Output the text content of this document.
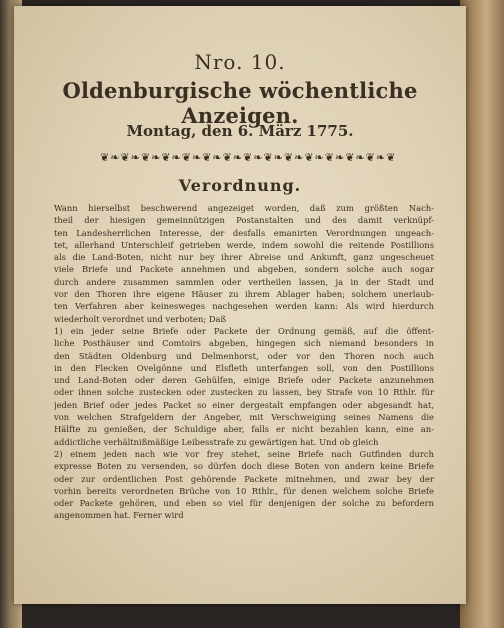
Nro. 10.
Oldenburgische wöchentliche Anzeigen.
Montag, den 6. März 1775.
❦❧❦❧❦❧❦❧❦❧❦❧❦❧❦❧❦❧❦❧❦❧❦❧❦❧❦❧❦
Verordnung.
Wann hierselbst beschwerend angezeiget worden, daß zum größten Nach-
theil der hiesigen gemeinnützigen Postanstalten und des damit verknüpf-
ten Landesherrlichen Interesse, der desfalls emanirten Verordnungen ungeach-
tet, allerhand Unterschleif getrieben werde, indem sowohl die reitende Postillions
als die Land-Boten, nicht nur bey ihrer Abreise und Ankunft, ganz ungescheuet
viele Briefe und Packete annehmen und abgeben, sondern solche auch sogar
durch andere zusammen sammlen oder vertheilen lassen, ja in der Stadt und
vor den Thoren ihre eigene Häuser zu ihrem Ablager haben; solchem unerlaub-
ten Verfahren aber keinesweges nachgesehen werden kann: Als wird hierdurch
wiederholt verordnet und verboten; Daß
1) ein jeder seine Briefe oder Packete der Ordnung gemäß, auf die öffent-
liche Posthäuser und Comtoirs abgeben, hingegen sich niemand besonders in
den Städten Oldenburg und Delmenhorst, oder vor den Thoren noch auch
in den Flecken Ovelgönne und Elsfleth unterfangen soll, von den Postillions
und Land-Boten oder deren Gehülfen, einige Briefe oder Packete anzunehmen
oder ihnen solche zustecken oder zustecken zu lassen, bey Strafe von 10 Rthlr. für
jeden Brief oder jedes Packet so einer dergestalt empfangen oder abgesandt hat,
von welchen Strafgeldern der Angeber, mit Verschweigung seines Namens die
Hälfte zu genießen, der Schuldige aber, falls er nicht bezahlen kann, eine an-
addictliche verhältnißmäßige Leibesstrafe zu gewärtigen hat. Und ob gleich
2) einem jeden nach wie vor frey stehet, seine Briefe nach Gutfinden durch
expresse Boten zu versenden, so dürfen doch diese Boten von andern keine Briefe
oder zur ordentlichen Post gehörende Packete mitnehmen, und zwar bey der
vorhin bereits verordneten Brüche von 10 Rthlr., für denen welchem solche Briefe
oder Packete gehören, und eben so viel für denjenigen der solche zu befordern
angenommen hat. Ferner wird
